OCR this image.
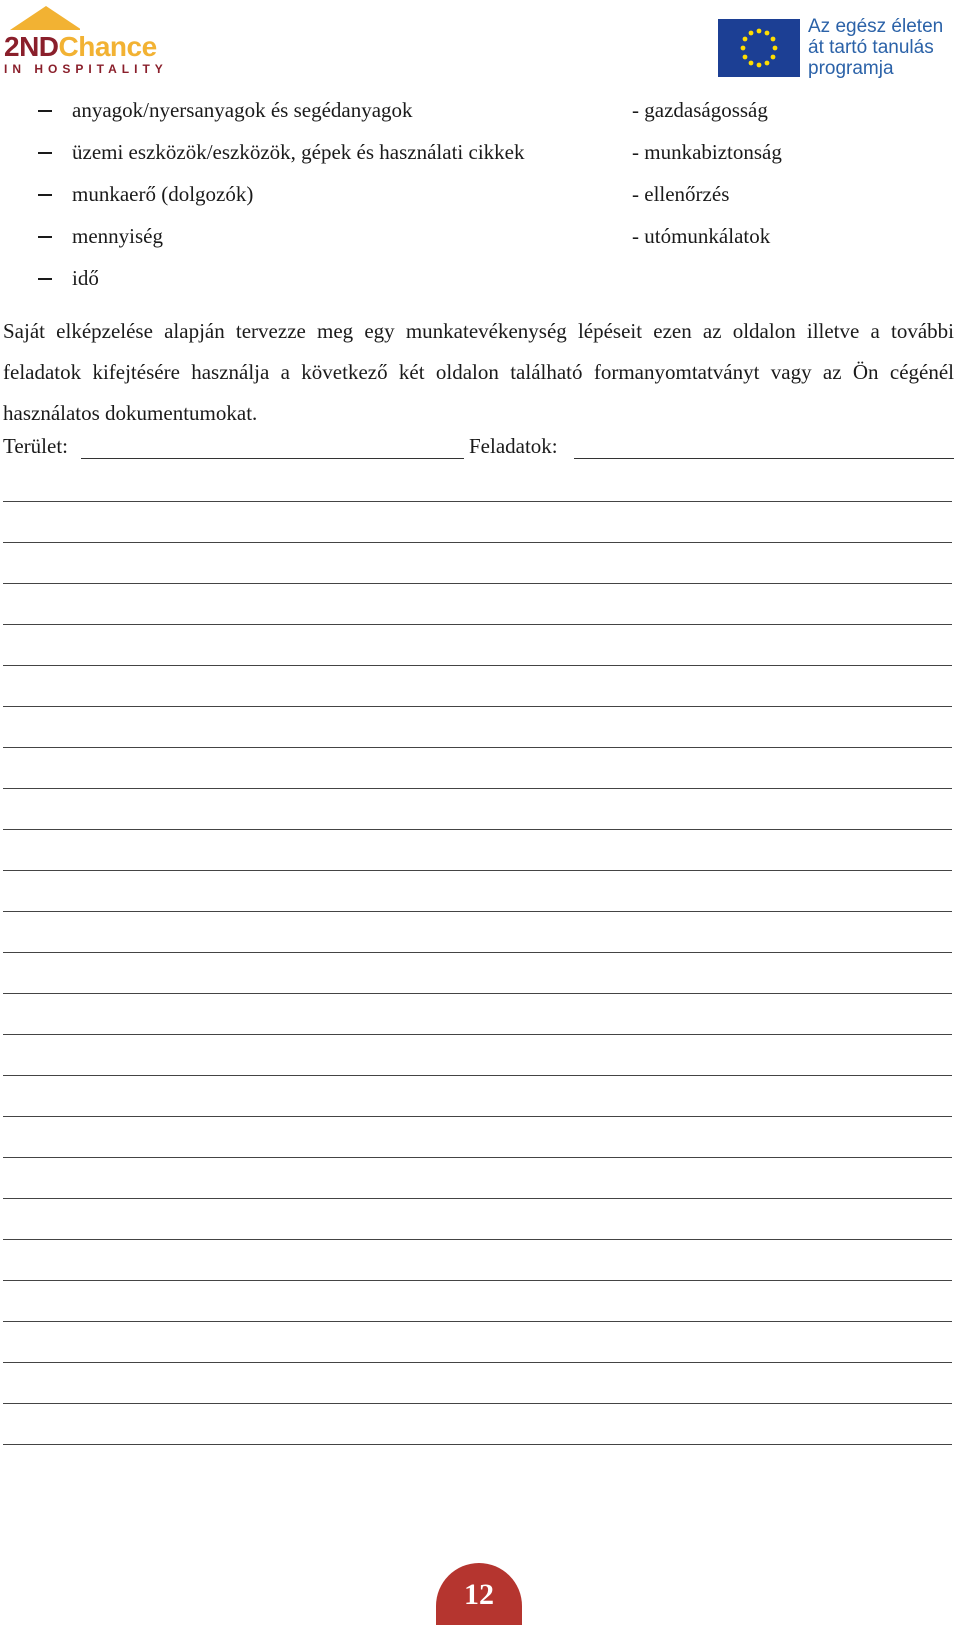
2NDChance
IN HOSPITALITY
Az egész életen
át tartó tanulás
programja
anyagok/nyersanyagok és segédanyagok	- gazdaságosság
üzemi eszközök/eszközök, gépek és használati cikkek	- munkabiztonság
munkaerő (dolgozók)	- ellenőrzés
mennyiség	- utómunkálatok
idő
Saját elképzelése alapján tervezze meg egy munkatevékenység lépéseit ezen az oldalon illetve a további feladatok kifejtésére használja a következő két oldalon található formanyomtatványt vagy az Ön cégénél használatos dokumentumokat.
Terület:	Feladatok:
12
